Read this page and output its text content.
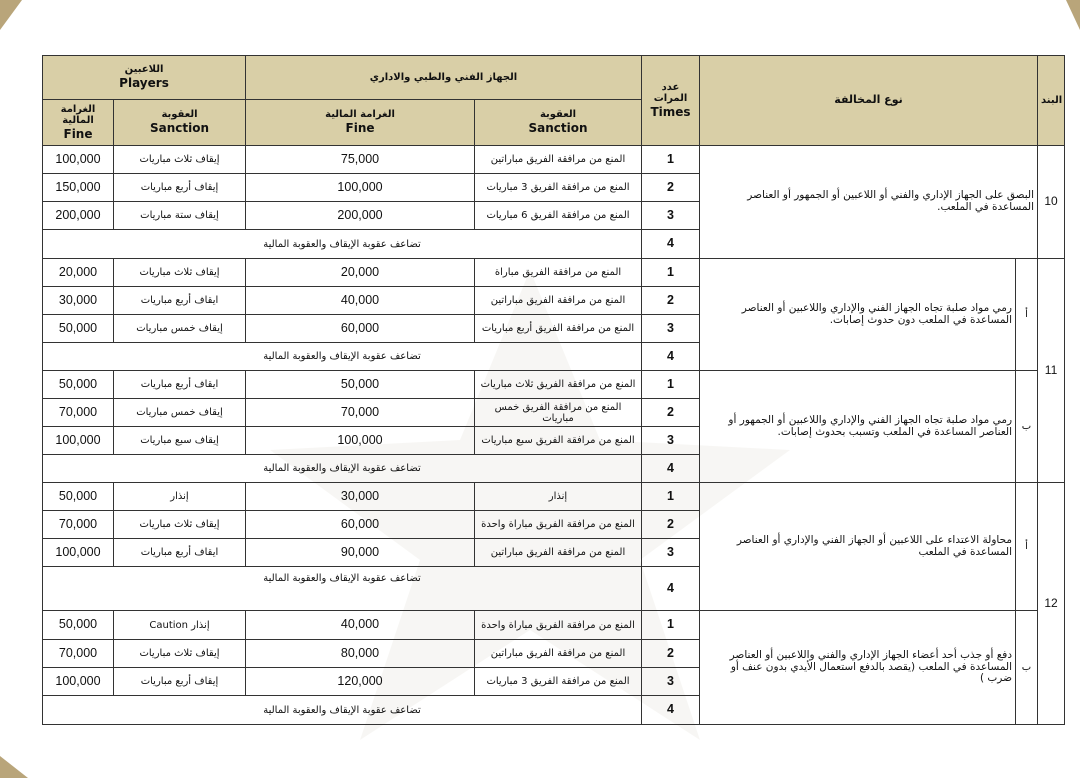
اللاعبين
Players		الجهاز الفني والطبي والاداري		عدد المرات
Times	نوع المخالفة		البند

الغرامة المالية
Fine	العقوبة
Sanction	الغرامة المالية
Fine	العقوبة
Sanction				

100,000	إيقاف ثلاث مباريات	75,000	المنع من مرافقة الفريق مباراتين	1	البصق على الجهاز الإداري والفني أو اللاعبين أو الجمهور أو العناصر المساعدة في الملعب.		10
150,000	إيقاف أربع مباريات	100,000	المنع من مرافقة الفريق 3 مباريات	2			
200,000	إيقاف ستة مباريات	200,000	المنع من مرافقة الفريق 6 مباريات	3			
تضاعف عقوبة الإيقاف والعقوبة المالية				4			
20,000	إيقاف ثلاث مباريات	20,000	المنع من مرافقة الفريق مباراة	1	رمي مواد صلبة تجاه الجهاز الفني والإداري واللاعبين أو العناصر المساعدة في الملعب دون حدوث إصابات.	أ	11
30,000	ايقاف أربع مباريات	40,000	المنع من مرافقة الفريق مباراتين	2			
50,000	إيقاف خمس مباريات	60,000	المنع من مرافقة الفريق أربع مباريات	3			
تضاعف عقوبة الإيقاف والعقوبة المالية				4			
50,000	ايقاف أربع مباريات	50,000	المنع من مرافقة الفريق ثلاث مباريات	1	رمي مواد صلبة تجاه الجهاز الفني والإداري واللاعبين أو الجمهور أو العناصر المساعدة في الملعب وتسبب بحدوث إصابات.	ب	
70,000	إيقاف خمس مباريات	70,000	المنع من مرافقة الفريق خمس مباريات	2			
100,000	إيقاف سبع مباريات	100,000	المنع من مرافقة الفريق سبع مباريات	3			
تضاعف عقوبة الإيقاف والعقوبة المالية				4			
50,000	إنذار	30,000	إنذار	1	محاولة الاعتداء على اللاعبين أو الجهاز الفني والإداري أو العناصر المساعدة في الملعب	أ	12
70,000	إيقاف ثلاث مباريات	60,000	المنع من مرافقة الفريق مباراة واحدة	2			
100,000	ايقاف أربع مباريات	90,000	المنع من مرافقة الفريق مباراتين	3			
تضاعف عقوبة الإيقاف والعقوبة المالية				4			
50,000	إنذار Caution	40,000	المنع من مرافقة الفريق مباراة واحدة	1	دفع أو جذب أحد أعضاء الجهاز الإداري والفني واللاعبين أو العناصر المساعدة في الملعب (يقصد بالدفع استعمال الأيدي بدون عنف أو ضرب )	ب	
70,000	إيقاف ثلاث مباريات	80,000	المنع من مرافقة الفريق مباراتين	2			
100,000	إيقاف أربع مباريات	120,000	المنع من مرافقة الفريق 3 مباريات	3			
تضاعف عقوبة الإيقاف والعقوبة المالية				4			
